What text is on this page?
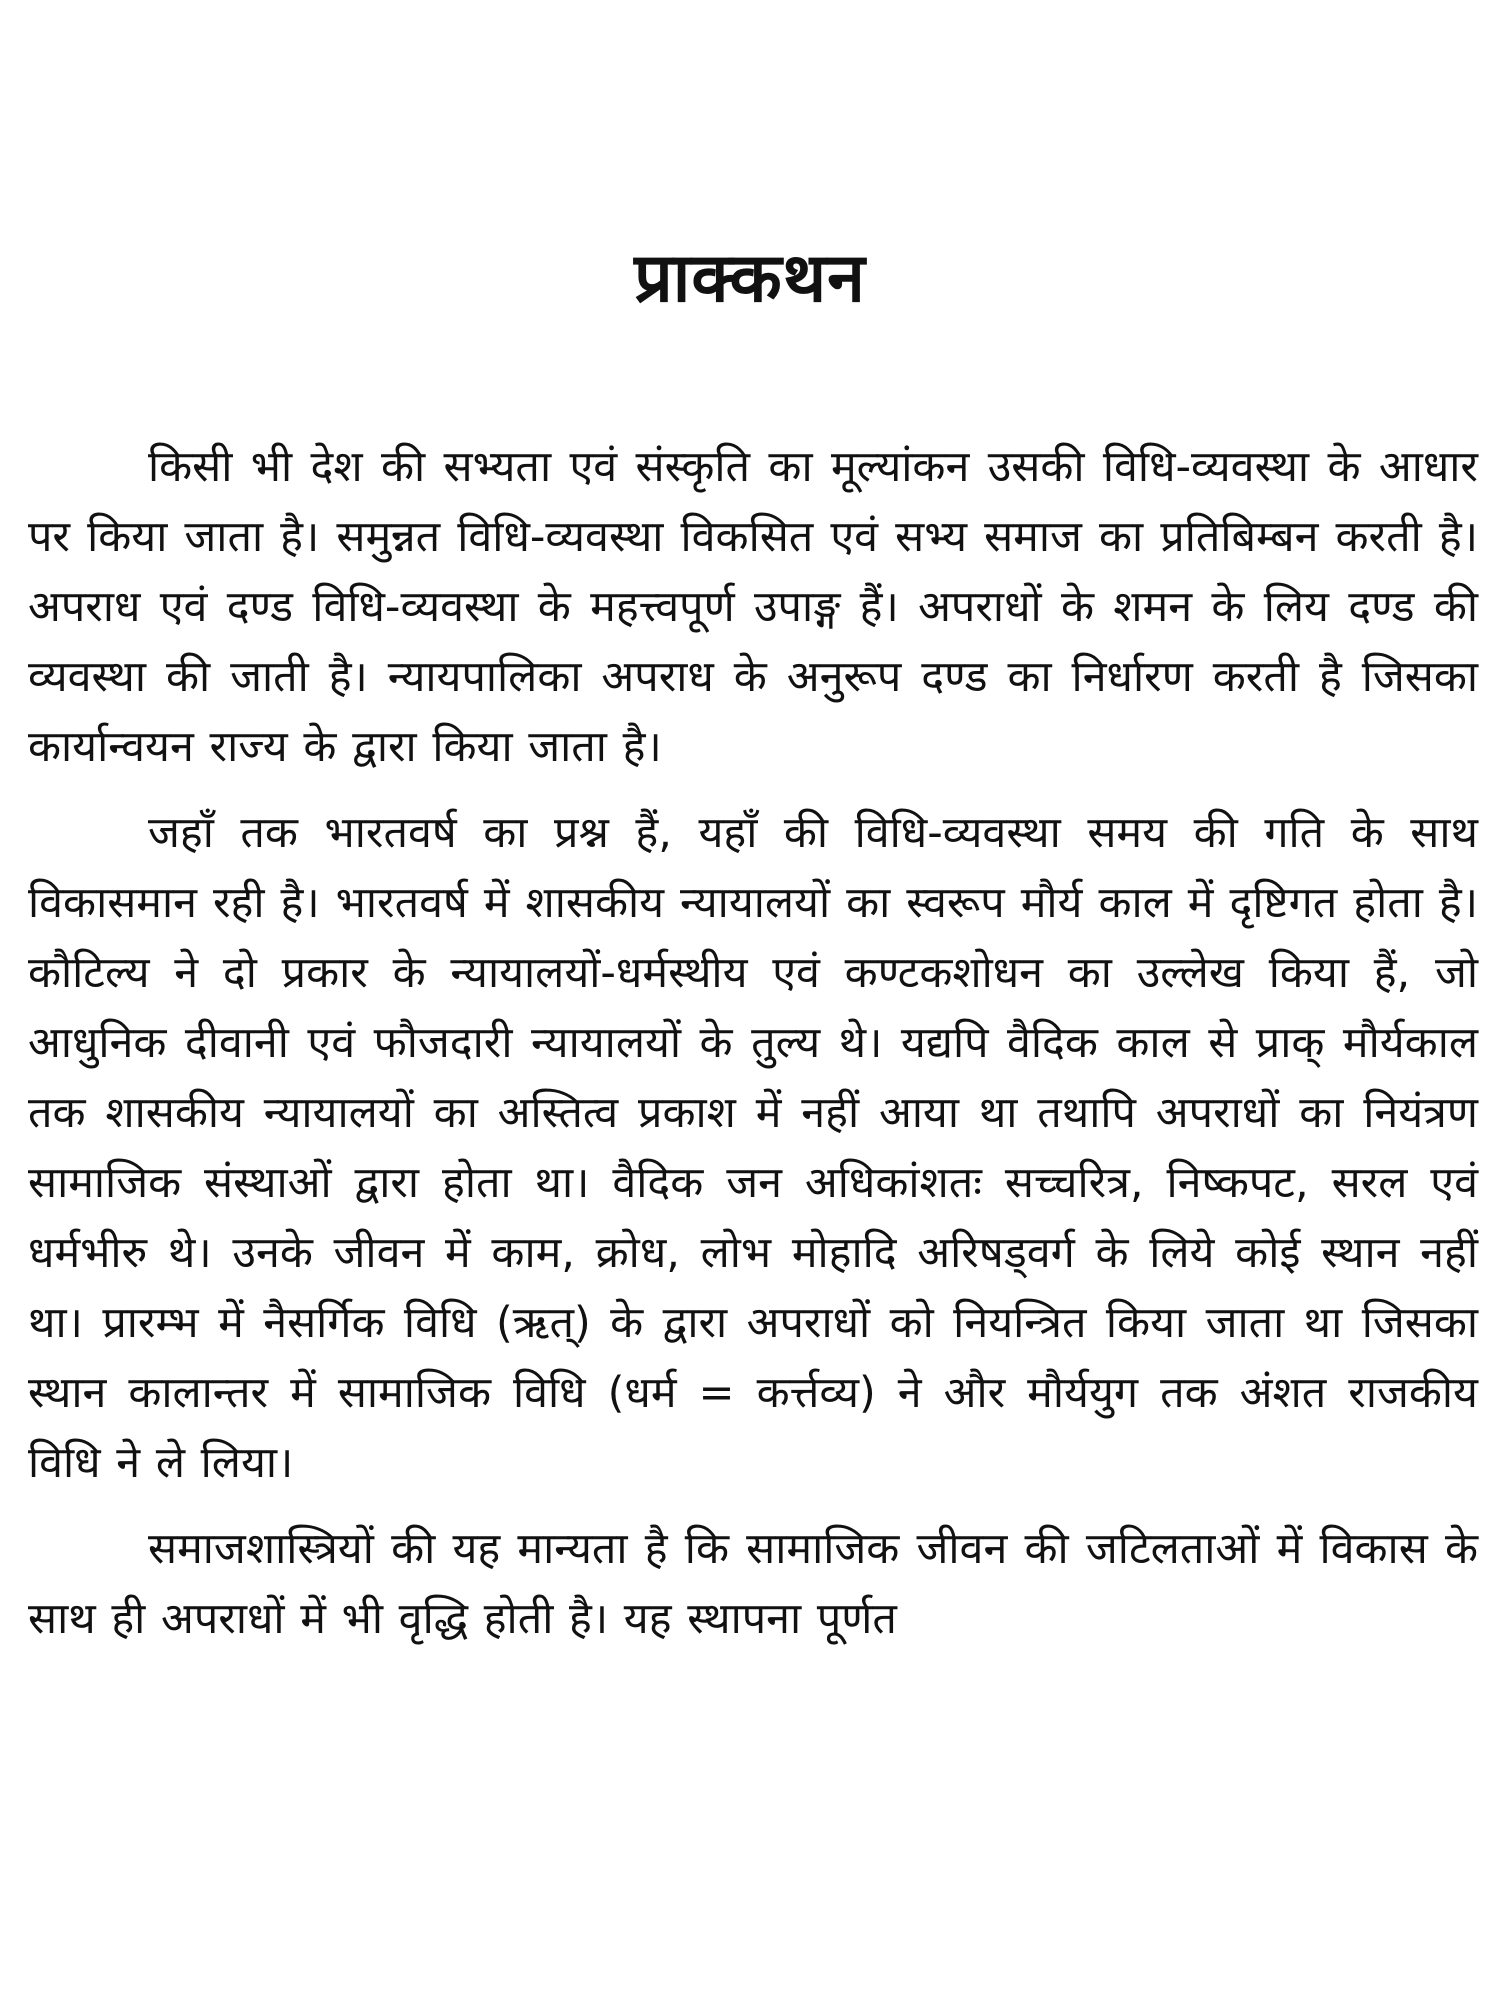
प्राक्कथन

किसी भी देश की सभ्यता एवं संस्कृति का मूल्यांकन उसकी विधि-व्यवस्था के आधार पर किया जाता है। समुन्नत विधि-व्यवस्था विकसित एवं सभ्य समाज का प्रतिबिम्बन करती है। अपराध एवं दण्ड विधि-व्यवस्था के महत्त्वपूर्ण उपाङ्ग हैं। अपराधों के शमन के लिय दण्ड की व्यवस्था की जाती है। न्यायपालिका अपराध के अनुरूप दण्ड का निर्धारण करती है जिसका कार्यान्वयन राज्य के द्वारा किया जाता है।

जहाँ तक भारतवर्ष का प्रश्न हैं, यहाँ की विधि-व्यवस्था समय की गति के साथ विकासमान रही है। भारतवर्ष में शासकीय न्यायालयों का स्वरूप मौर्य काल में दृष्टिगत होता है। कौटिल्य ने दो प्रकार के न्यायालयों-धर्मस्थीय एवं कण्टकशोधन का उल्लेख किया हैं, जो आधुनिक दीवानी एवं फौजदारी न्यायालयों के तुल्य थे। यद्यपि वैदिक काल से प्राक् मौर्यकाल तक शासकीय न्यायालयों का अस्तित्व प्रकाश में नहीं आया था तथापि अपराधों का नियंत्रण सामाजिक संस्थाओं द्वारा होता था। वैदिक जन अधिकांशतः सच्चरित्र, निष्कपट, सरल एवं धर्मभीरु थे। उनके जीवन में काम, क्रोध, लोभ मोहादि अरिषड्वर्ग के लिये कोई स्थान नहीं था। प्रारम्भ में नैसर्गिक विधि (ऋत्) के द्वारा अपराधों को नियन्त्रित किया जाता था जिसका स्थान कालान्तर में सामाजिक विधि (धर्म = कर्त्तव्य) ने और मौर्ययुग तक अंशत राजकीय विधि ने ले लिया।

समाजशास्त्रियों की यह मान्यता है कि सामाजिक जीवन की जटिलताओं में विकास के साथ ही अपराधों में भी वृद्धि होती है। यह स्थापना पूर्णत
